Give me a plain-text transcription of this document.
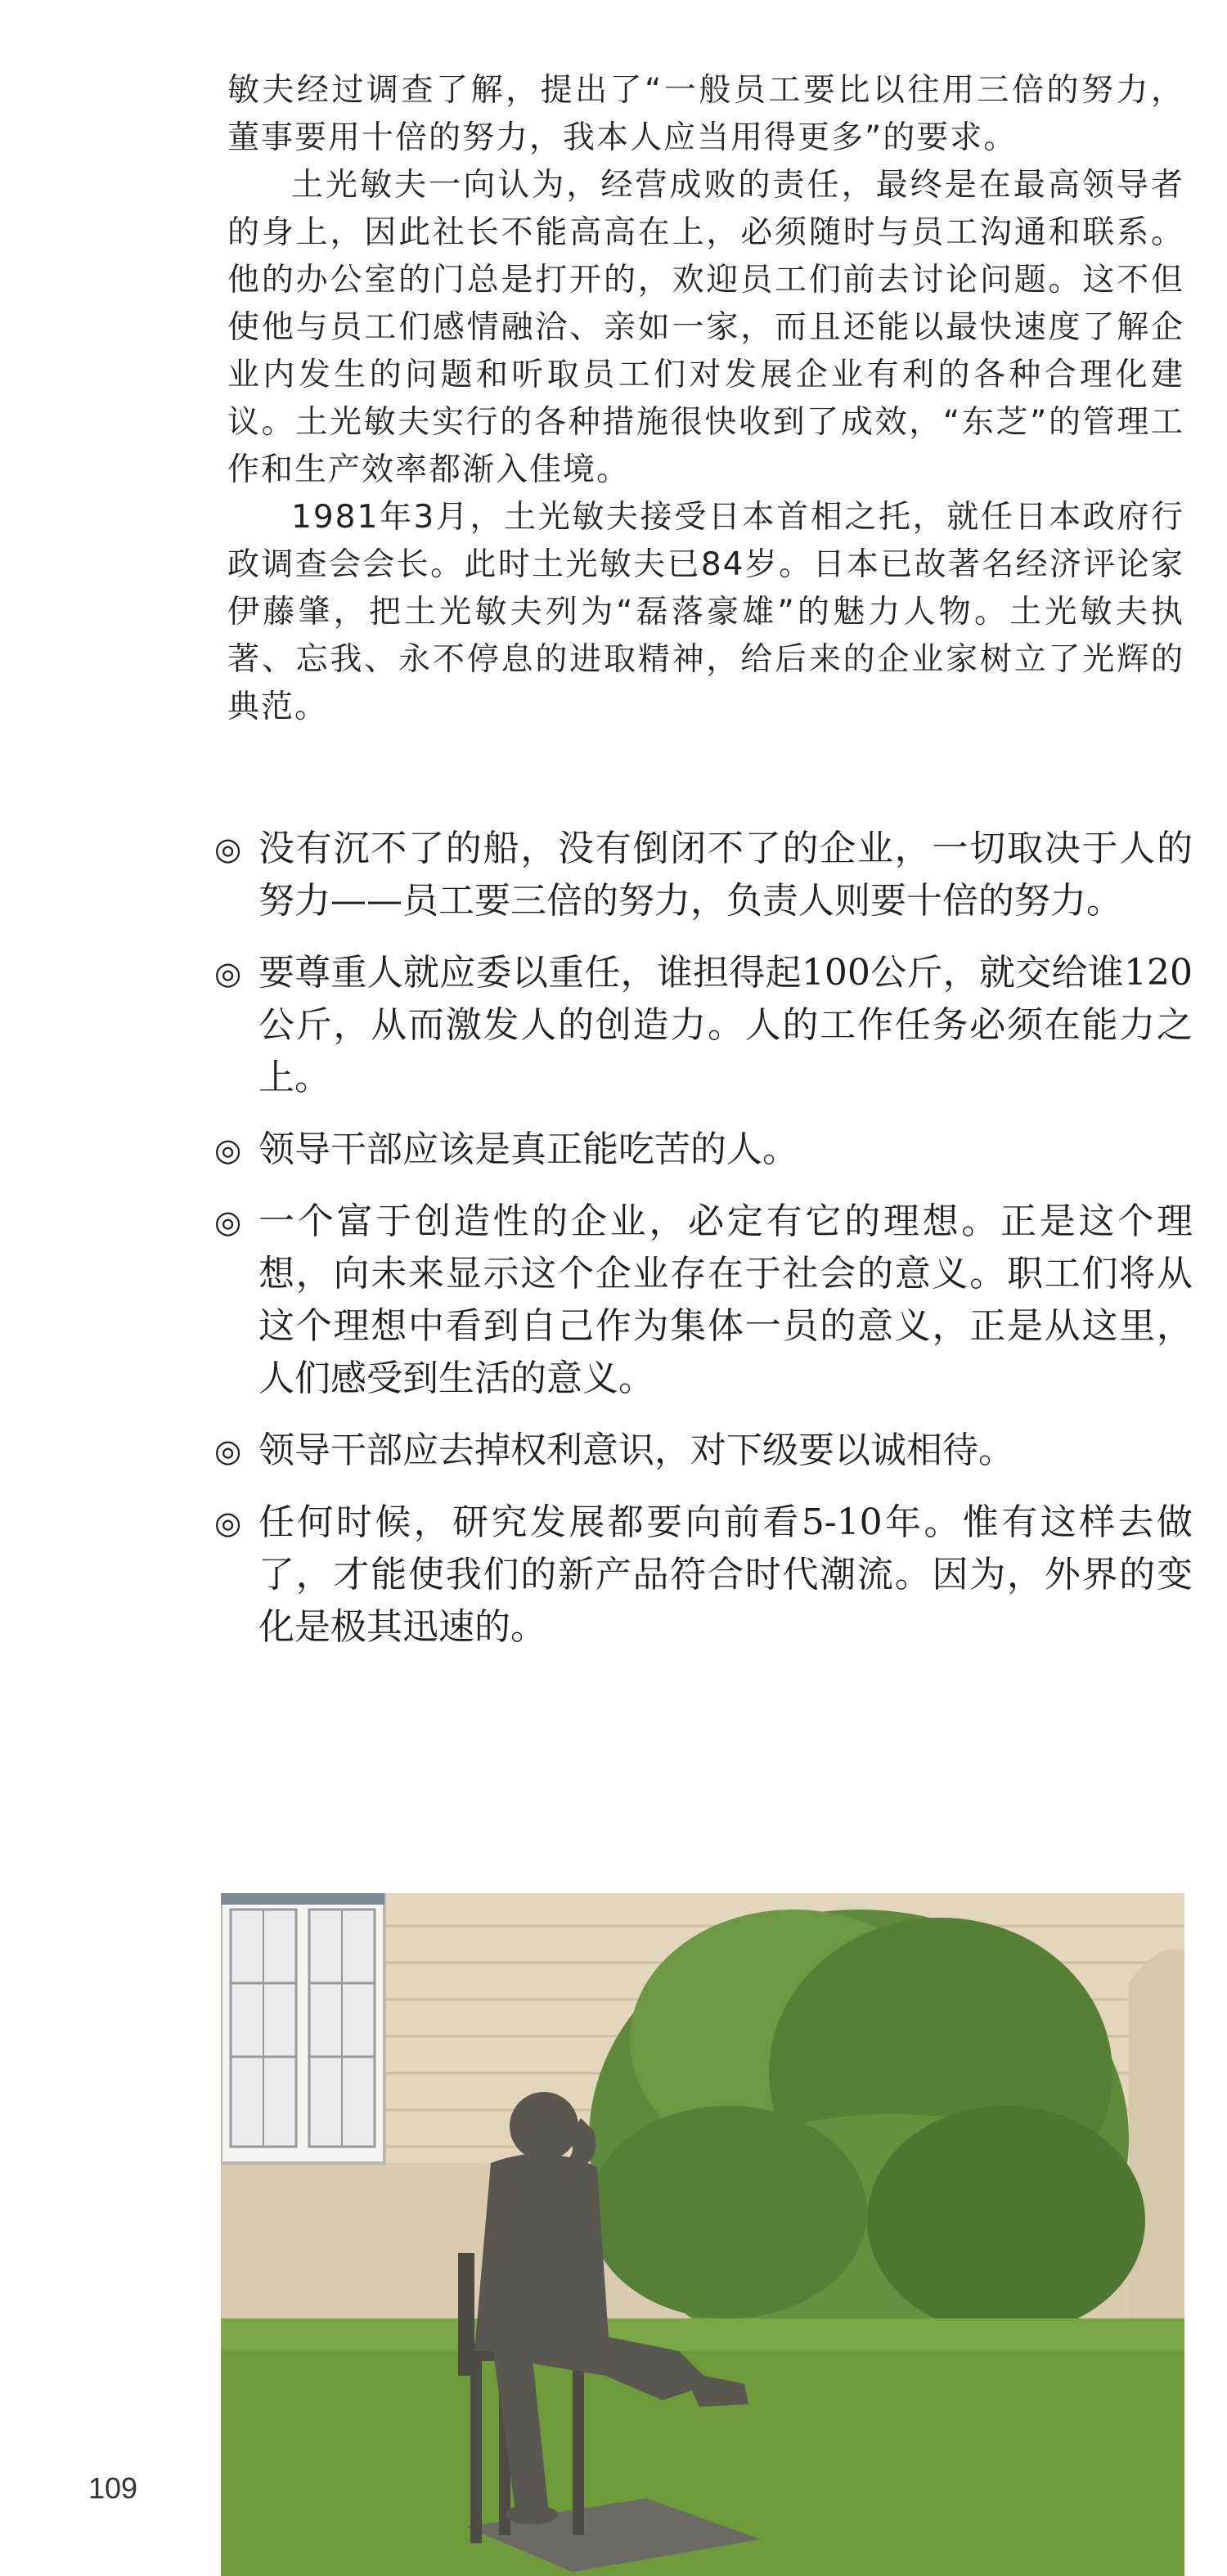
敏夫经过调查了解，提出了“一般员工要比以往用三倍的努力，董事要用十倍的努力，我本人应当用得更多”的要求。

土光敏夫一向认为，经营成败的责任，最终是在最高领导者的身上，因此社长不能高高在上，必须随时与员工沟通和联系。他的办公室的门总是打开的，欢迎员工们前去讨论问题。这不但使他与员工们感情融洽、亲如一家，而且还能以最快速度了解企业内发生的问题和听取员工们对发展企业有利的各种合理化建议。土光敏夫实行的各种措施很快收到了成效，“东芝”的管理工作和生产效率都渐入佳境。

1981年3月，土光敏夫接受日本首相之托，就任日本政府行政调查会会长。此时土光敏夫已84岁。日本已故著名经济评论家伊藤肇，把土光敏夫列为“磊落豪雄”的魅力人物。土光敏夫执著、忘我、永不停息的进取精神，给后来的企业家树立了光辉的典范。

◎ 没有沉不了的船，没有倒闭不了的企业，一切取决于人的努力——员工要三倍的努力，负责人则要十倍的努力。
◎ 要尊重人就应委以重任，谁担得起100公斤，就交给谁120公斤，从而激发人的创造力。人的工作任务必须在能力之上。
◎ 领导干部应该是真正能吃苦的人。
◎ 一个富于创造性的企业，必定有它的理想。正是这个理想，向未来显示这个企业存在于社会的意义。职工们将从这个理想中看到自己作为集体一员的意义，正是从这里，人们感受到生活的意义。
◎ 领导干部应去掉权利意识，对下级要以诚相待。
◎ 任何时候，研究发展都要向前看5-10年。惟有这样去做了，才能使我们的新产品符合时代潮流。因为，外界的变化是极其迅速的。
109
